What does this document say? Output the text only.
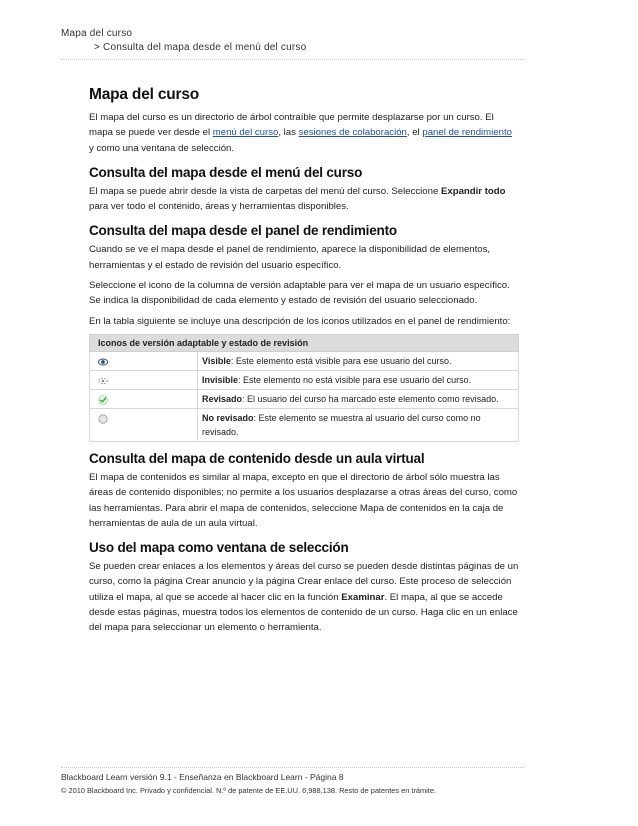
Mapa del curso
> Consulta del mapa desde el menú del curso
Mapa del curso

El mapa del curso es un directorio de árbol contraíble que permite desplazarse por un curso. El mapa se puede ver desde el menú del curso, las sesiones de colaboración, el panel de rendimiento y como una ventana de selección.

Consulta del mapa desde el menú del curso

El mapa se puede abrir desde la vista de carpetas del menú del curso. Seleccione Expandir todo para ver todo el contenido, áreas y herramientas disponibles.

Consulta del mapa desde el panel de rendimiento

Cuando se ve el mapa desde el panel de rendimiento, aparece la disponibilidad de elementos, herramientas y el estado de revisión del usuario específico.

Seleccione el icono de la columna de versión adaptable para ver el mapa de un usuario específico. Se indica la disponibilidad de cada elemento y estado de revisión del usuario seleccionado.

En la tabla siguiente se incluye una descripción de los iconos utilizados en el panel de rendimiento:

Iconos de versión adaptable y estado de revisión	
	Visible: Este elemento está visible para ese usuario del curso.
	Invisible: Este elemento no está visible para ese usuario del curso.
	Revisado: El usuario del curso ha marcado este elemento como revisado.
	No revisado: Este elemento se muestra al usuario del curso como no revisado.
Consulta del mapa de contenido desde un aula virtual

El mapa de contenidos es similar al mapa, excepto en que el directorio de árbol sólo muestra las áreas de contenido disponibles; no permite a los usuarios desplazarse a otras áreas del curso, como las herramientas. Para abrir el mapa de contenidos, seleccione Mapa de contenidos en la caja de herramientas de aula de un aula virtual.

Uso del mapa como ventana de selección

Se pueden crear enlaces a los elementos y áreas del curso se pueden desde distintas páginas de un curso, como la página Crear anuncio y la página Crear enlace del curso. Este proceso de selección utiliza el mapa, al que se accede al hacer clic en la función Examinar. El mapa, al que se accede desde estas páginas, muestra todos los elementos de contenido de un curso. Haga clic en un enlace del mapa para seleccionar un elemento o herramienta.

Blackboard Learn versión 9.1 - Enseñanza en Blackboard Learn - Página 8
© 2010 Blackboard Inc. Privado y confidencial. N.º de patente de EE.UU. 6,988,138. Resto de patentes en trámite.
